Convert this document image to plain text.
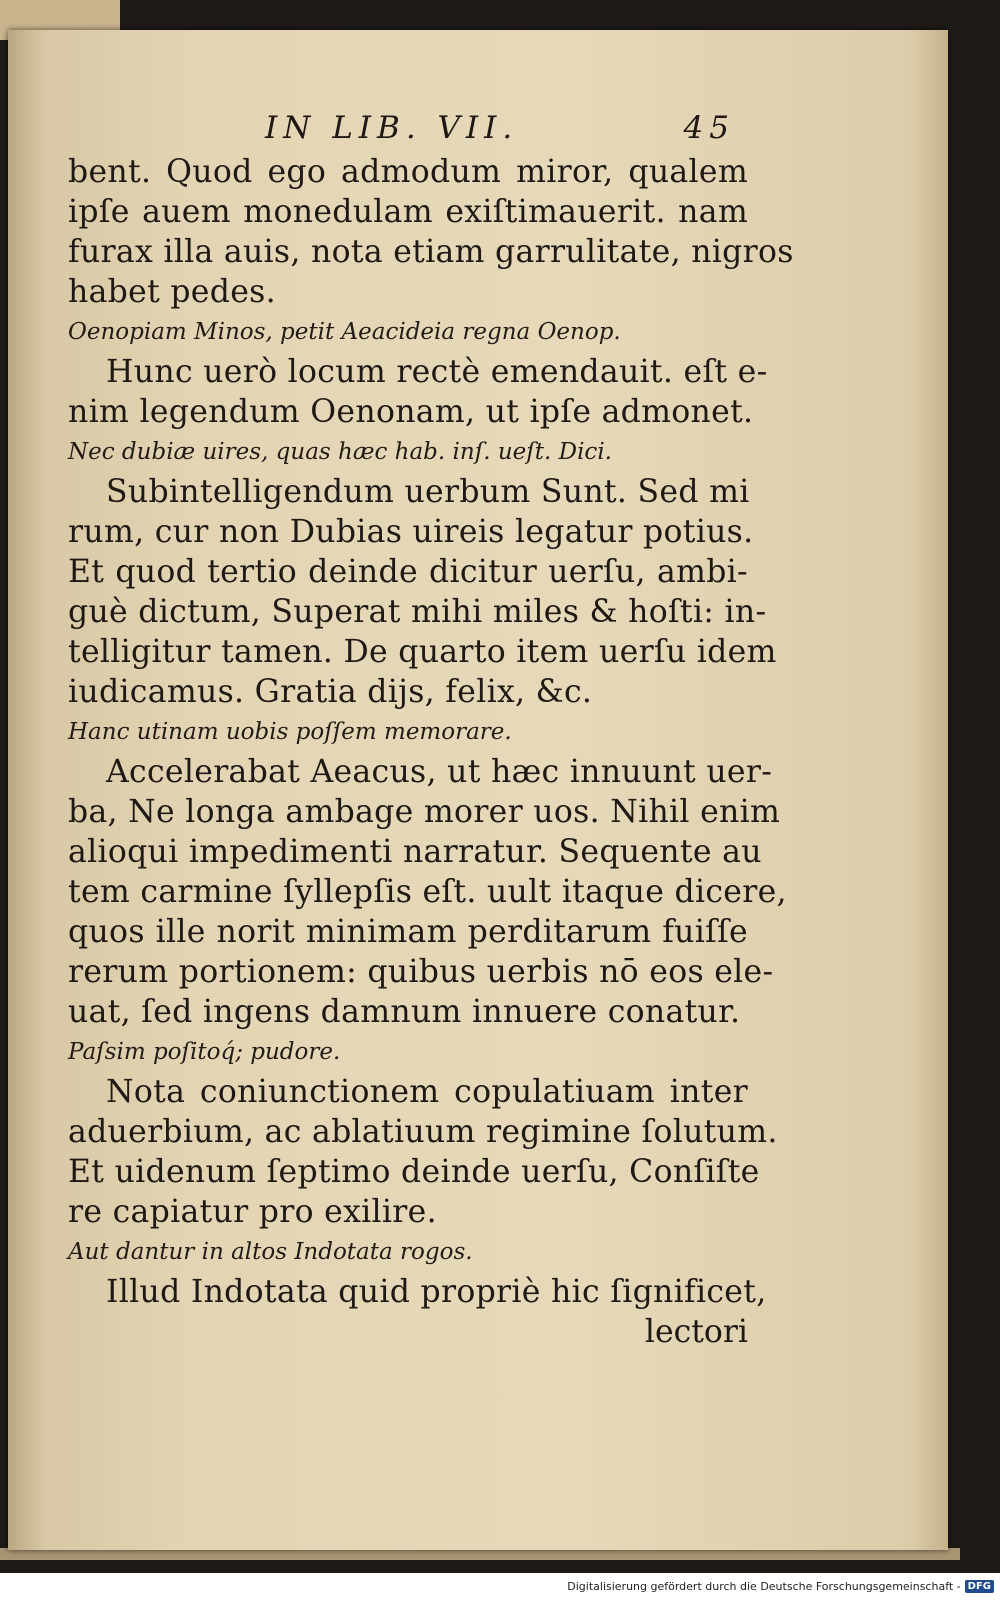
IN LIB. VII.	45
bent. Quod ego admodum miror, qualem
ipſe auem monedulam exiſtimauerit. nam
furax illa auis, nota etiam garrulitate, nigros
habet pedes.
Oenopiam Minos, petit Aeacideia regna Oenop.
Hunc uerò locum rectè emendauit. eſt e-
nim legendum Oenonam, ut ipſe admonet.
Nec dubiæ uires, quas hæc hab. inſ. ueſt. Dici.
Subintelligendum uerbum Sunt. Sed mi
rum, cur non Dubias uireis legatur potius.
Et quod tertio deinde dicitur uerſu, ambi-
guè dictum, Superat mihi miles & hoſti: in-
telligitur tamen. De quarto item uerſu idem
iudicamus. Gratia dijs, felix, &c.
Hanc utinam uobis poſſem memorare.
Accelerabat Aeacus, ut hæc innuunt uer-
ba, Ne longa ambage morer uos. Nihil enim
alioqui impedimenti narratur. Sequente au
tem carmine ſyllepſis eſt. uult itaque dicere,
quos ille norit minimam perditarum fuiſſe
rerum portionem: quibus uerbis nō eos ele-
uat, ſed ingens damnum innuere conatur.
Paſsim poſitoq́; pudore.
Nota coniunctionem copulatiuam inter
aduerbium, ac ablatiuum regimine ſolutum.
Et uidenum ſeptimo deinde uerſu, Conſiſte
re capiatur pro exilire.
Aut dantur in altos Indotata rogos.
Illud Indotata quid propriè hic ſignificet,
lectori
Digitalisierung gefördert durch die Deutsche Forschungsgemeinschaft - DFG
